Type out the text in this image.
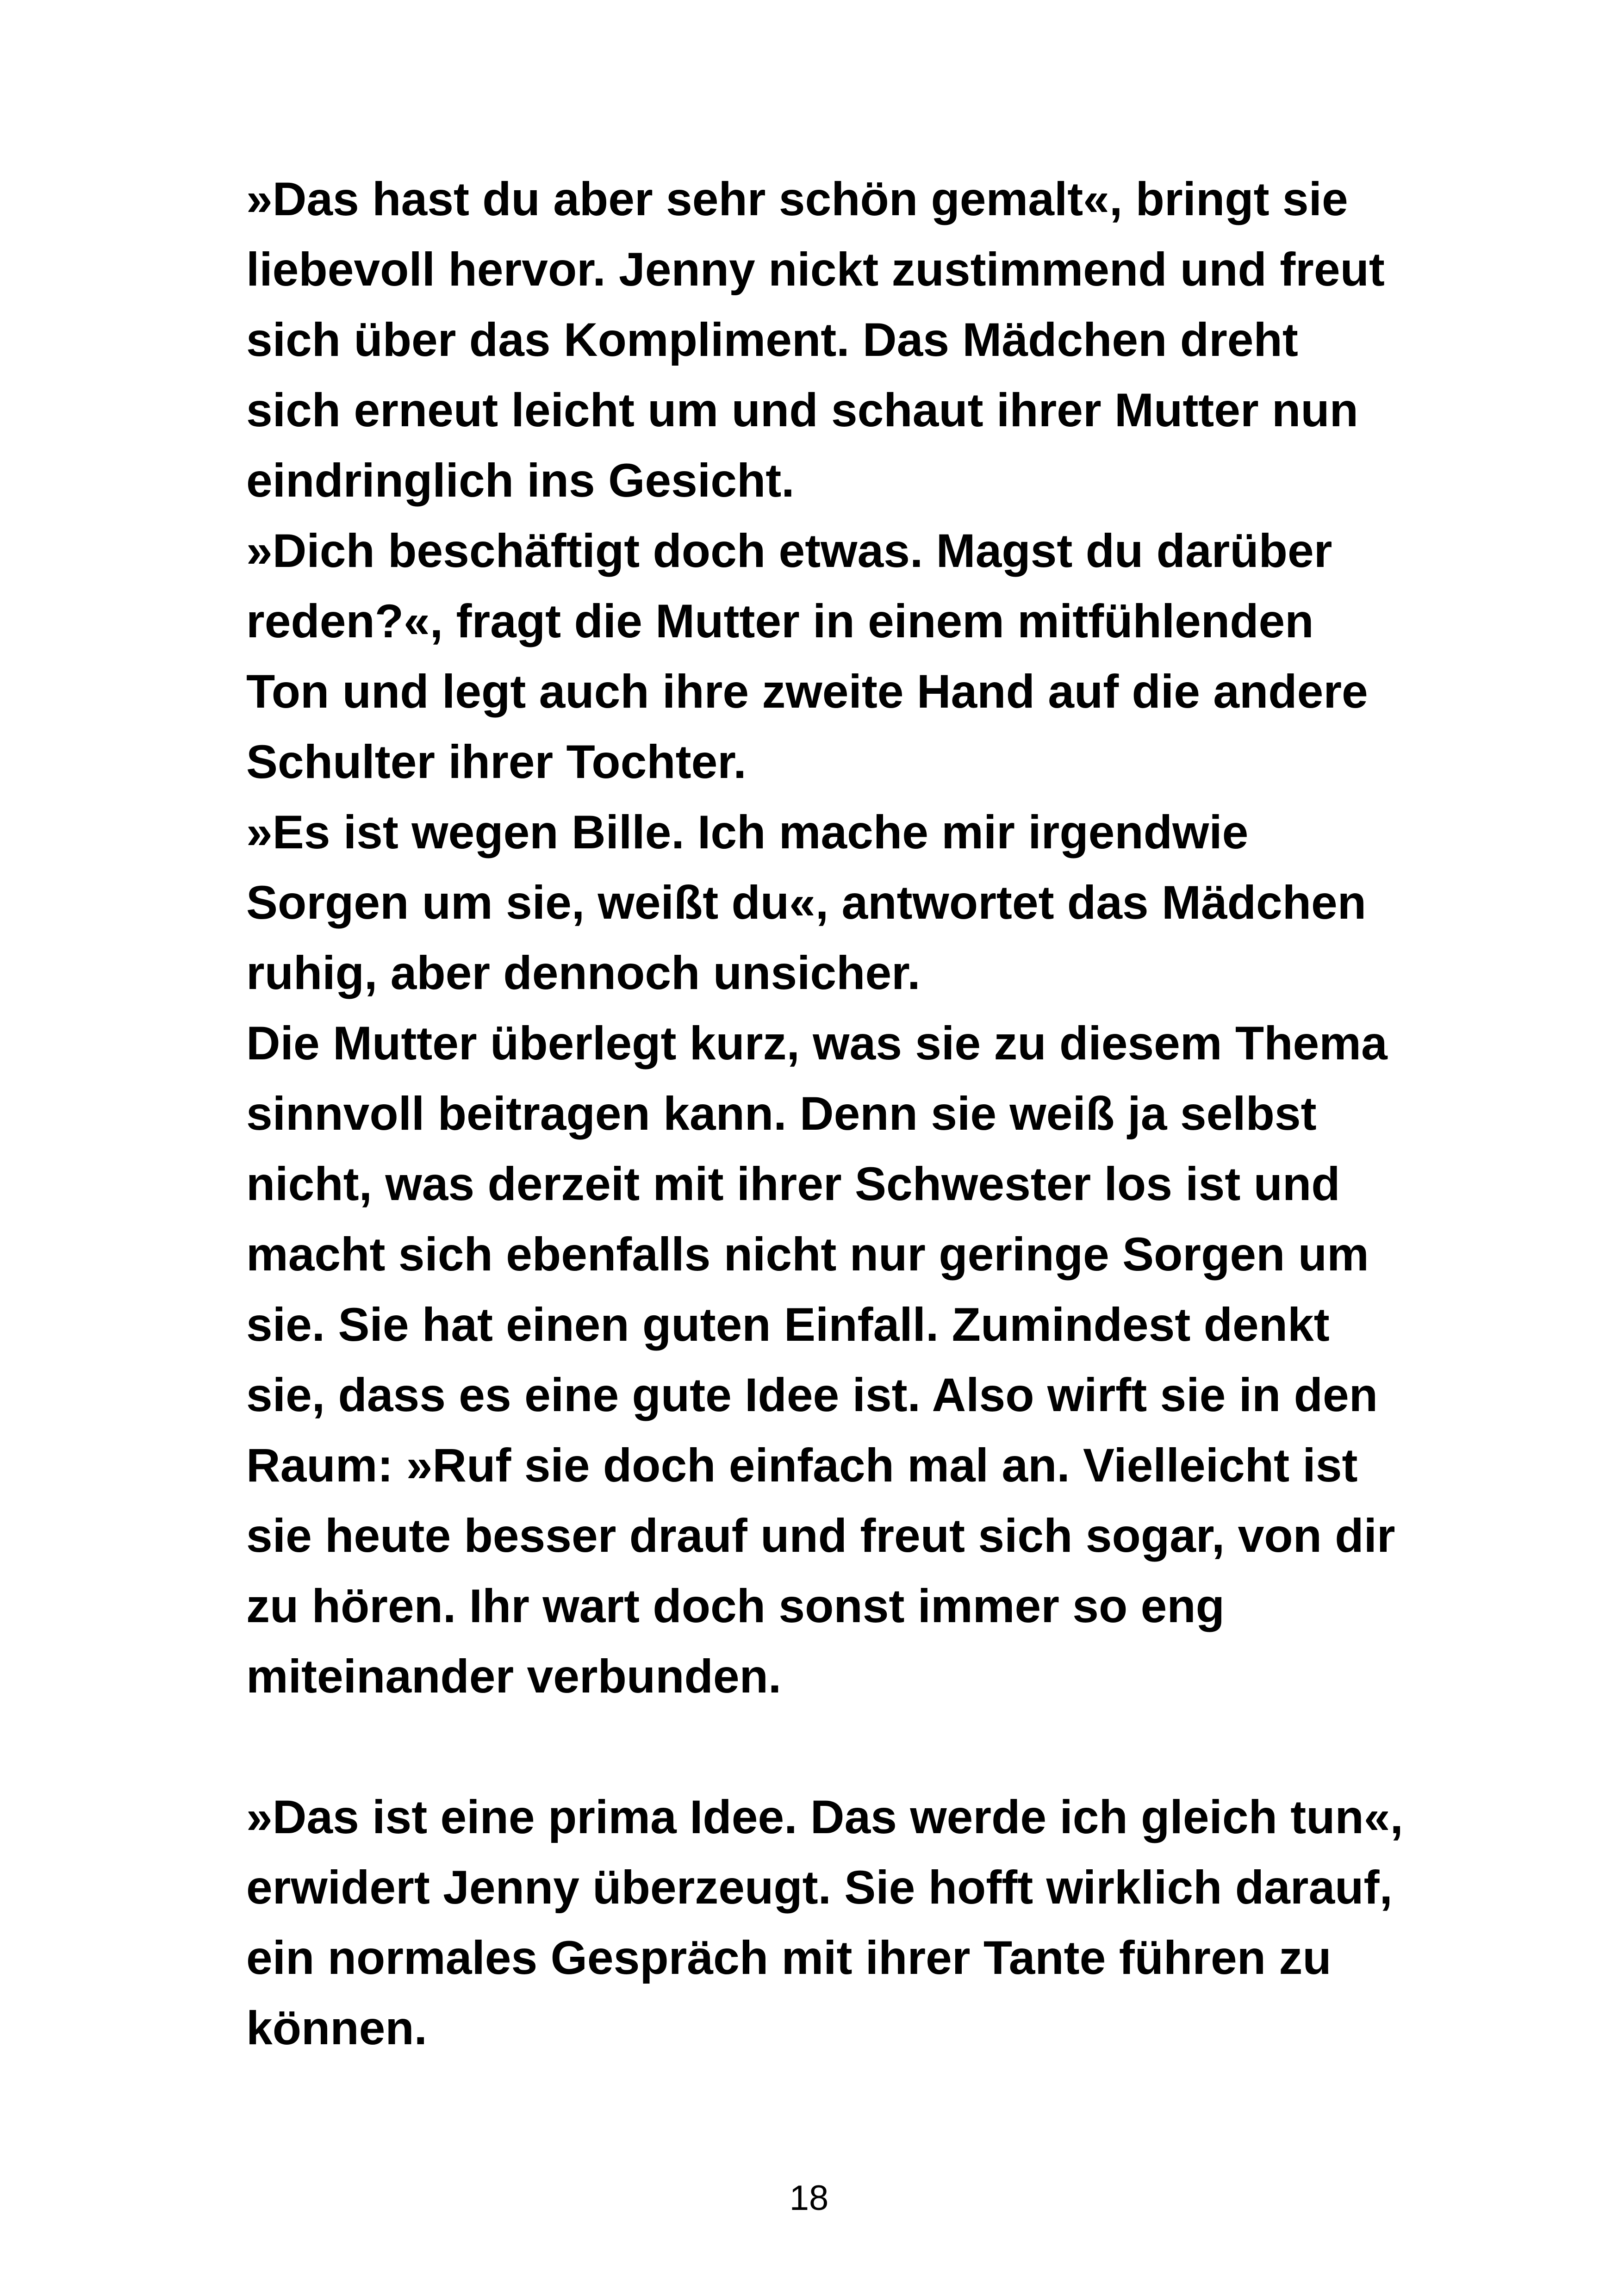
»Das hast du aber sehr schön gemalt«, bringt sie
liebevoll hervor. Jenny nickt zustimmend und freut
sich über das Kompliment. Das Mädchen dreht
sich erneut leicht um und schaut ihrer Mutter nun
eindringlich ins Gesicht.
»Dich beschäftigt doch etwas. Magst du darüber
reden?«, fragt die Mutter in einem mitfühlenden
Ton und legt auch ihre zweite Hand auf die andere
Schulter ihrer Tochter.
»Es ist wegen Bille. Ich mache mir irgendwie
Sorgen um sie, weißt du«, antwortet das Mädchen
ruhig, aber dennoch unsicher.
Die Mutter überlegt kurz, was sie zu diesem Thema
sinnvoll beitragen kann. Denn sie weiß ja selbst
nicht, was derzeit mit ihrer Schwester los ist und
macht sich ebenfalls nicht nur geringe Sorgen um
sie. Sie hat einen guten Einfall. Zumindest denkt
sie, dass es eine gute Idee ist. Also wirft sie in den
Raum: »Ruf sie doch einfach mal an. Vielleicht ist
sie heute besser drauf und freut sich sogar, von dir
zu hören. Ihr wart doch sonst immer so eng
miteinander verbunden.
»Das ist eine prima Idee. Das werde ich gleich tun«,
erwidert Jenny überzeugt. Sie hofft wirklich darauf,
ein normales Gespräch mit ihrer Tante führen zu
können.
18
